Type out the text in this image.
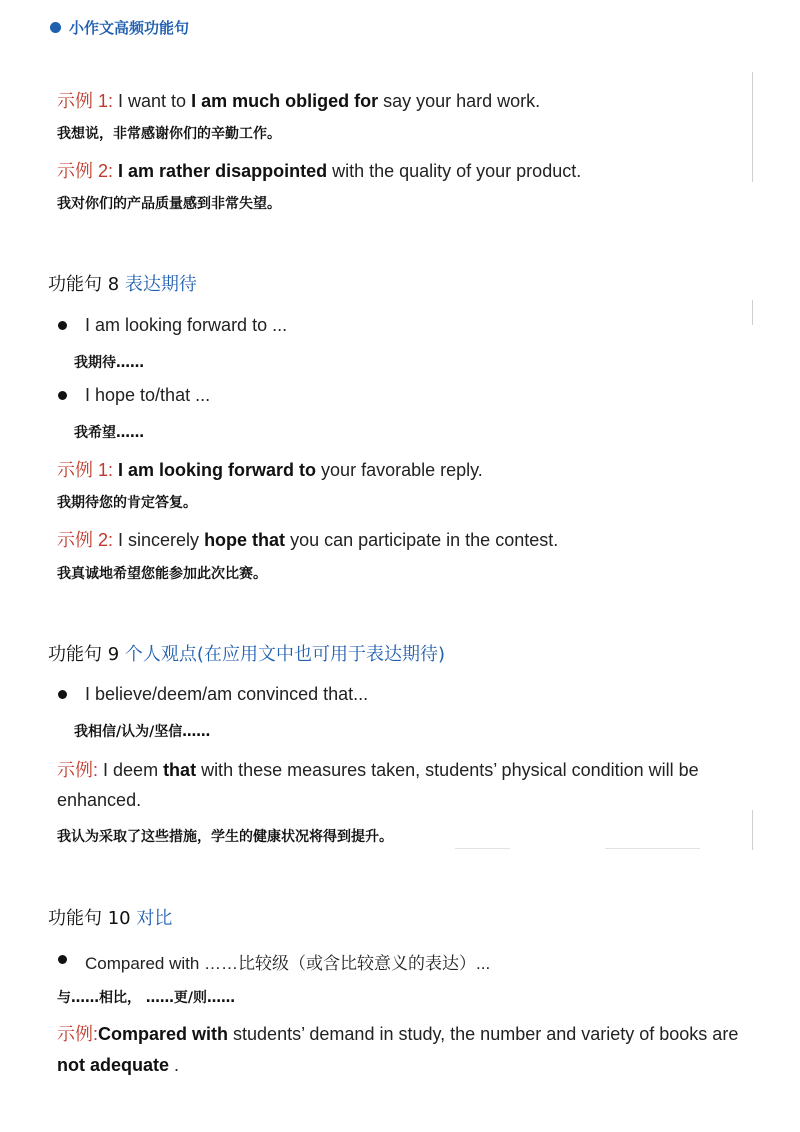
小作文高频功能句
示例 1: I want to I am much obliged for say your hard work.
我想说，非常感谢你们的辛勤工作。
示例 2: I am rather disappointed with the quality of your product.
我对你们的产品质量感到非常失望。
功能句 8 表达期待
I am looking forward to ...
我期待……
I hope to/that ...
我希望……
示例 1: I am looking forward to your favorable reply.
我期待您的肯定答复。
示例 2: I sincerely hope that you can participate in the contest.
我真诚地希望您能参加此次比赛。
功能句 9 个人观点(在应用文中也可用于表达期待)
I believe/deem/am convinced that...
我相信/认为/坚信……
示例: I deem that with these measures taken, students’ physical condition will be
enhanced.
我认为采取了这些措施，学生的健康状况将得到提升。
功能句 10 对比
Compared with ……比较级（或含比较意义的表达）...
与……相比， ……更/则……
示例:Compared with students’ demand in study, the number and variety of books are
not adequate .
